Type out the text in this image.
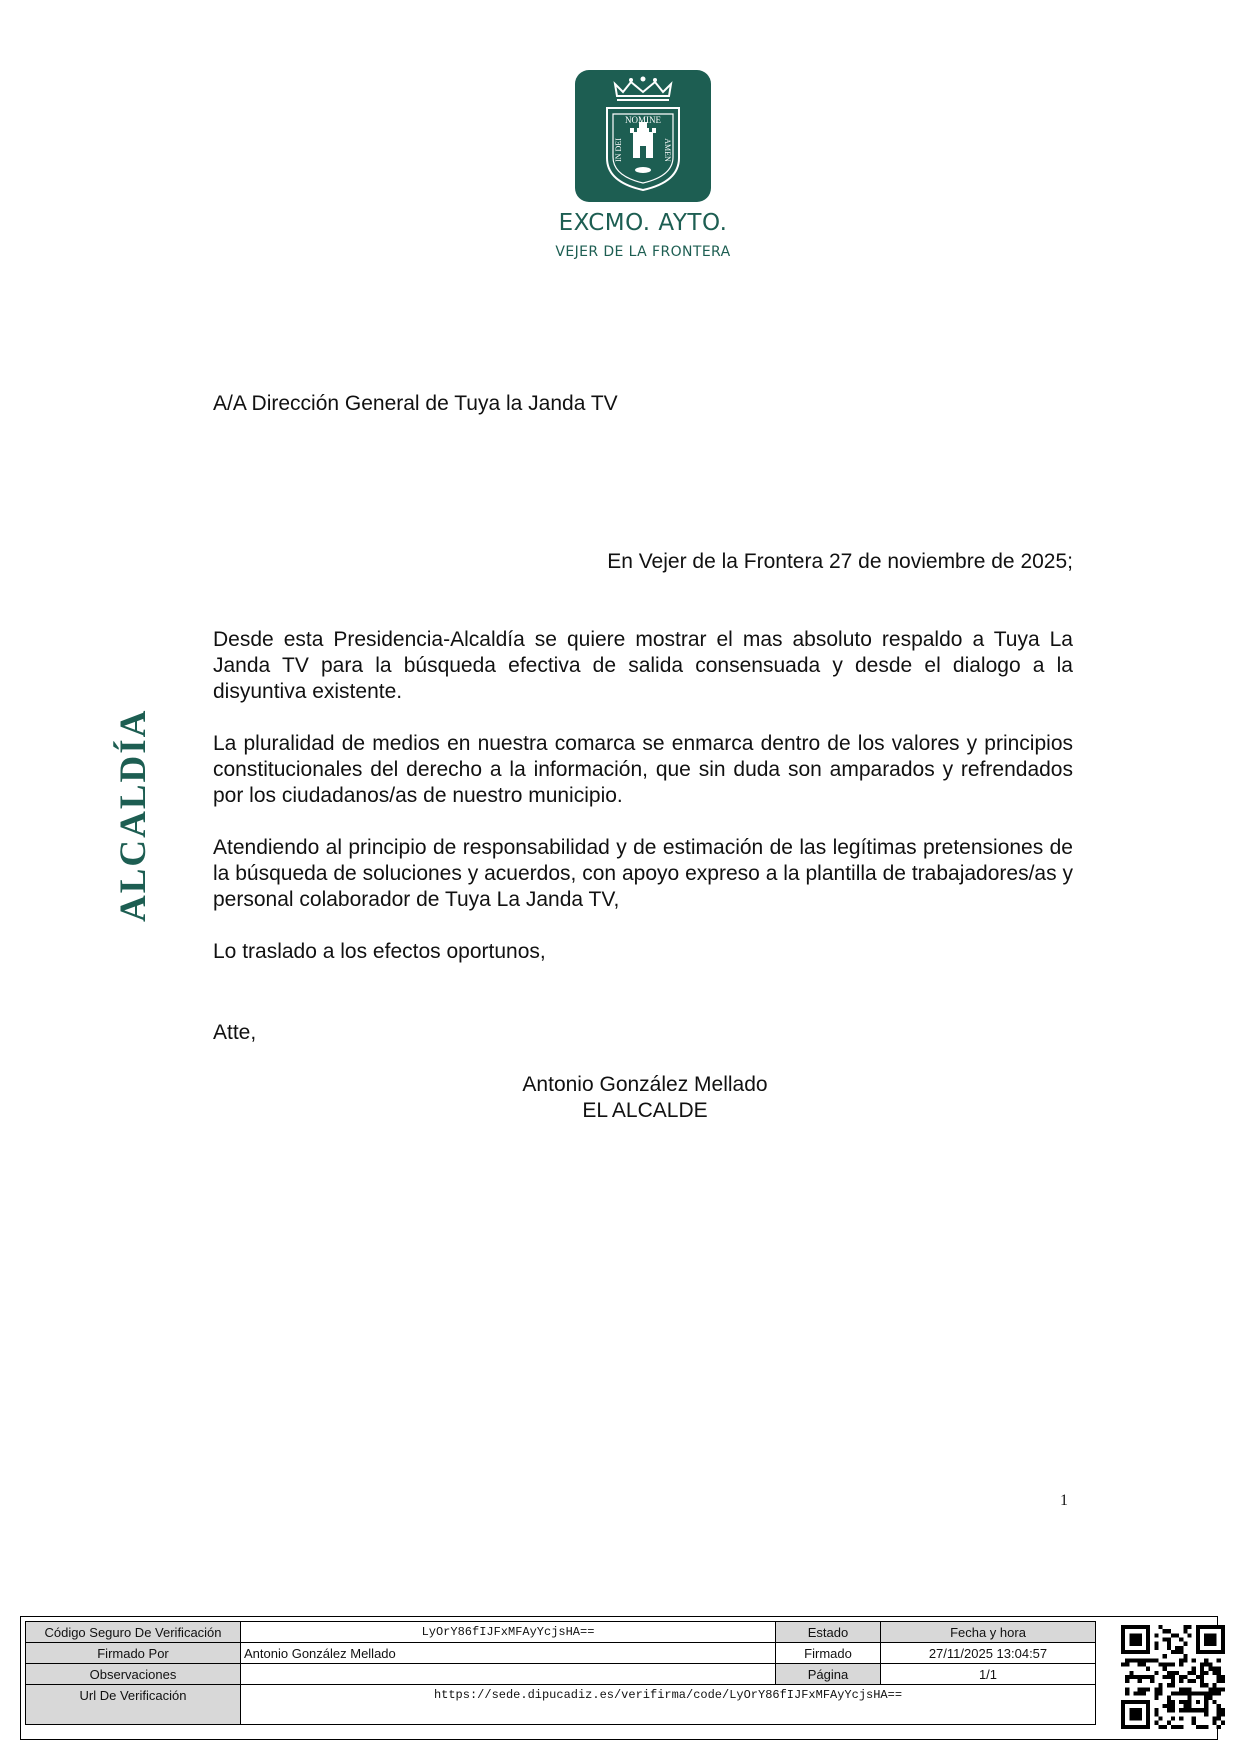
NOMINE
IN DEI	AMEN
EXCMO. AYTO.
VEJER DE LA FRONTERA
ALCALDÍA
A/A Dirección General de Tuya la Janda TV
En Vejer de la Frontera 27 de noviembre de 2025;
Desde esta Presidencia-Alcaldía se quiere mostrar el mas absoluto respaldo a Tuya La Janda TV para la búsqueda efectiva de salida consensuada y desde el dialogo a la disyuntiva existente.
La pluralidad de medios en nuestra comarca se enmarca dentro de los valores y principios constitucionales del derecho a la información, que sin duda son amparados y refrendados por los ciudadanos/as de nuestro municipio.
Atendiendo al principio de responsabilidad y de estimación de las legítimas pretensiones de la búsqueda de soluciones y acuerdos, con apoyo expreso a la plantilla de trabajadores/as y personal colaborador de Tuya La Janda TV,
Lo traslado a los efectos oportunos,
Atte,
Antonio González Mellado
EL ALCALDE
1
Código Seguro De Verificación	LyOrY86fIJFxMFAyYcjsHA==	Estado	Fecha y hora
Firmado Por	Antonio González Mellado	Firmado	27/11/2025 13:04:57
Observaciones		Página	1/1
Url De Verificación	https://sede.dipucadiz.es/verifirma/code/LyOrY86fIJFxMFAyYcjsHA==		
